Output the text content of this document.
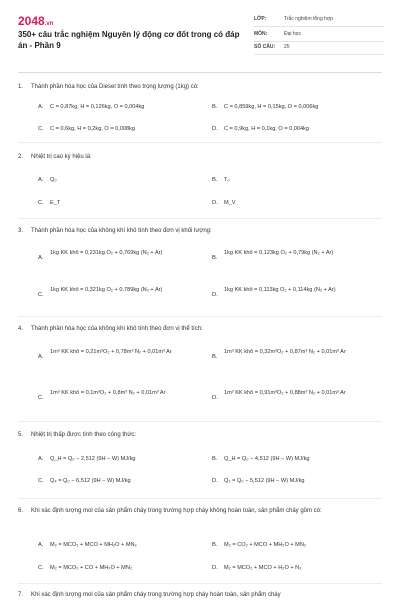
2048.vn
350+ câu trắc nghiệm Nguyên lý động cơ đốt trong có đáp án - Phần 9
LỚP:	Trắc nghiệm tổng hợp
MÔN:	Đại học
SỐ CÂU: 25
1. Thành phần hóa học của Diesel tính theo trọng lượng (1kg) có:
A. C = 0,87kg, H = 0,126kg, O = 0,004kg	B. C = 0,859kg, H = 0,15kg, O = 0,006kg
C. C = 0,6kg, H = 0,2kg, O = 0,008kg	D. C = 0,9kg, H = 0,1kg, O = 0,004kg
2. Nhiệt trị cao ký hiệu là:
A. Q₀	B. T₀
C. E_T	D. M_V
3. Thành phần hóa học của không khí khô tính theo đơn vị khối lượng:
A.
1kg KK khô = 0,231kg O₂ + 0,769kg (N₂ + Ar)
B.
1kg KK khô = 0,123kg O₂ + 0,79kg (N₂ + Ar)
C.
1kg KK khô = 0,321kg O₂ + 0,789kg (N₂ + Ar)
D.
1kg KK khô = 0,113kg O₂ + 0,114kg (N₂ + Ar)
4. Thành phần hóa học của không khí khô tính theo đơn vị thể tích:
A.
1m³ KK khô = 0,21m³O₂ + 0,78m³ N₂ + 0,01m³ Ar
B.
1m³ KK khô = 0,32m³O₂ + 0,87m³ N₂ + 0,01m³ Ar
C.
1m³ KK khô = 0,1m³O₂ + 0,8m³ N₂ + 0,01m³ Ar
D.
1m³ KK khô = 0,91m³O₂ + 0,88m³ N₂ + 0,01m³ Ar
5. Nhiệt trị thấp được tính theo công thức:
A. Q_H = Q₀ − 2,512 (9H − W) MJ/kg	B. Q_H = Q₀ − 4,512 (9H − W) MJ/kg
C. Q₄ = Q₀ − 6,512 (9H − W) MJ/kg	D. Q₂ = Q₀ − 5,512 (9H − W) MJ/kg
6. Khi xác định lượng mol của sản phẩm cháy trong trường hợp cháy không hoàn toàn, sản phẩm cháy gồm có:
A. M₂ = MCO₂ + MCO + MH₂O + MN₂	B. M₂ = CO₂ + MCO + MH₂O + MN₂
C. M₂ = MCO₂ + CO + MH₂O + MN₂	D. M₂ = MCO₂ + MCO + H₂O + N₂
7. Khi xác định lượng mol của sản phẩm cháy trong trường hợp cháy hoàn toàn, sản phẩm cháy
